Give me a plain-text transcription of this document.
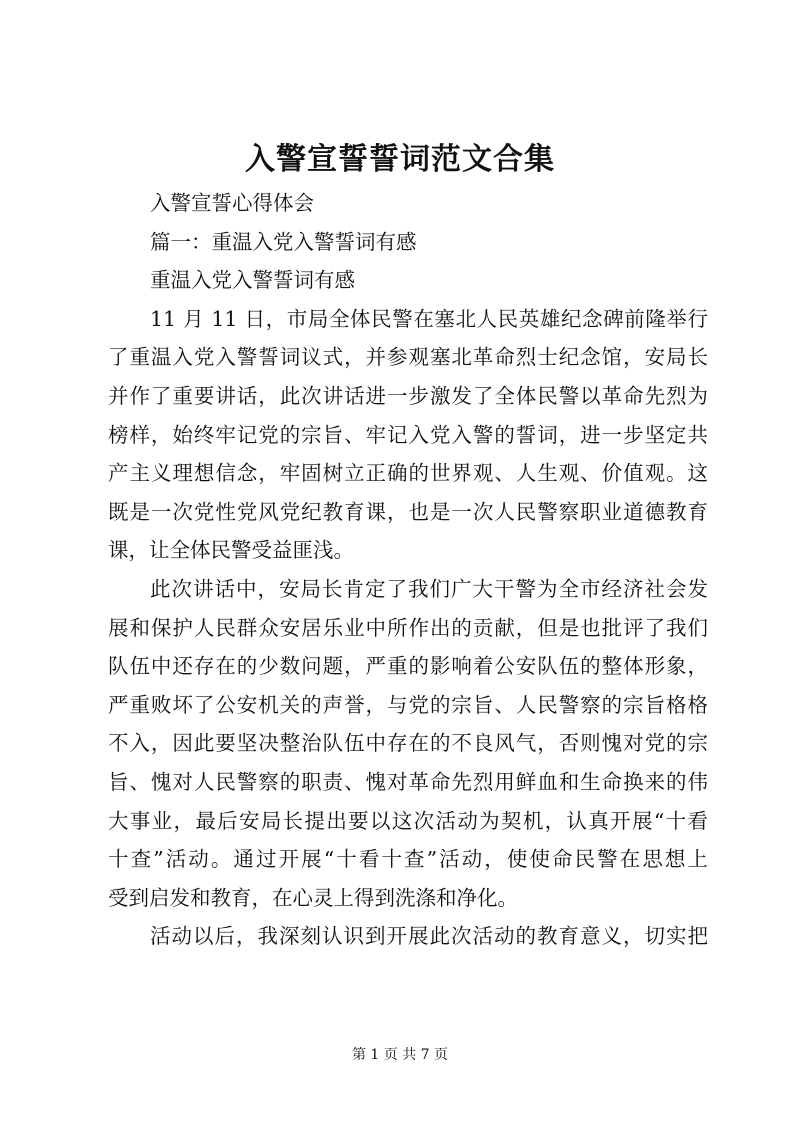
入警宣誓誓词范文合集
入警宣誓心得体会
篇一：重温入党入警誓词有感
重温入党入警誓词有感
11 月 11 日，市局全体民警在塞北人民英雄纪念碑前隆举行
了重温入党入警誓词议式，并参观塞北革命烈士纪念馆，安局长
并作了重要讲话，此次讲话进一步激发了全体民警以革命先烈为
榜样，始终牢记党的宗旨、牢记入党入警的誓词，进一步坚定共
产主义理想信念，牢固树立正确的世界观、人生观、价值观。这
既是一次党性党风党纪教育课，也是一次人民警察职业道德教育
课，让全体民警受益匪浅。
此次讲话中，安局长肯定了我们广大干警为全市经济社会发
展和保护人民群众安居乐业中所作出的贡献，但是也批评了我们
队伍中还存在的少数问题，严重的影响着公安队伍的整体形象，
严重败坏了公安机关的声誉，与党的宗旨、人民警察的宗旨格格
不入，因此要坚决整治队伍中存在的不良风气，否则愧对党的宗
旨、愧对人民警察的职责、愧对革命先烈用鲜血和生命换来的伟
大事业，最后安局长提出要以这次活动为契机，认真开展“十看
十查”活动。通过开展“十看十查”活动，使使命民警在思想上
受到启发和教育，在心灵上得到洗涤和净化。
活动以后，我深刻认识到开展此次活动的教育意义，切实把
第 1 页 共 7 页
